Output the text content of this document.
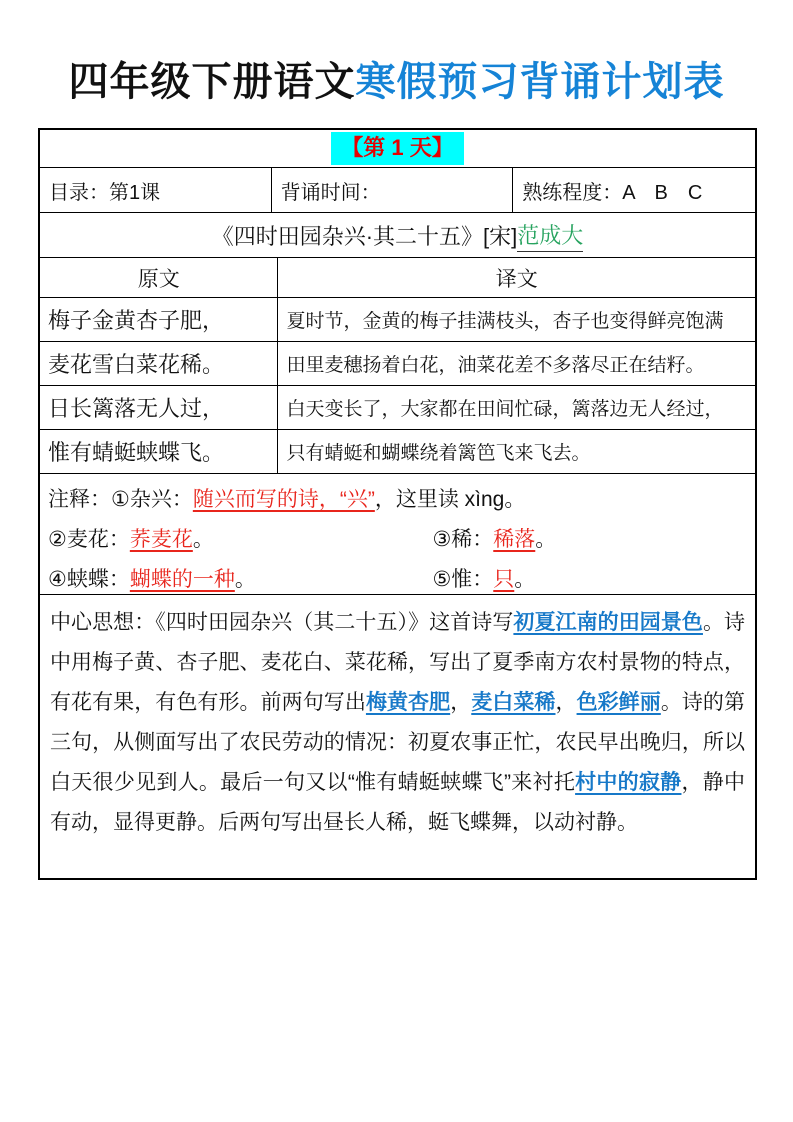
四年级下册语文寒假预习背诵计划表
【第 1 天】
目录：第1课	背诵时间：	熟练程度：A　B　C
《四时田园杂兴·其二十五》[宋] 范成大
原文	译文
梅子金黄杏子肥，	夏时节，金黄的梅子挂满枝头，杏子也变得鲜亮饱满
麦花雪白菜花稀。	田里麦穗扬着白花，油菜花差不多落尽正在结籽。
日长篱落无人过，	白天变长了，大家都在田间忙碌，篱落边无人经过，
惟有蜻蜓蛱蝶飞。	只有蜻蜓和蝴蝶绕着篱笆飞来飞去。
注释：①杂兴：随兴而写的诗，“兴”，这里读 xìng。
②麦花：荞麦花。	③稀：稀落。
④蛱蝶：蝴蝶的一种。	⑤惟：只。
中心思想：《四时田园杂兴（其二十五）》这首诗写初夏江南的田园景色。诗中用梅子黄、杏子肥、麦花白、菜花稀，写出了夏季南方农村景物的特点，有花有果，有色有形。前两句写出梅黄杏肥，麦白菜稀，色彩鲜丽。诗的第三句，从侧面写出了农民劳动的情况：初夏农事正忙，农民早出晚归，所以白天很少见到人。最后一句又以“惟有蜻蜓蛱蝶飞”来衬托村中的寂静，静中有动，显得更静。后两句写出昼长人稀，蜓飞蝶舞，以动衬静。
